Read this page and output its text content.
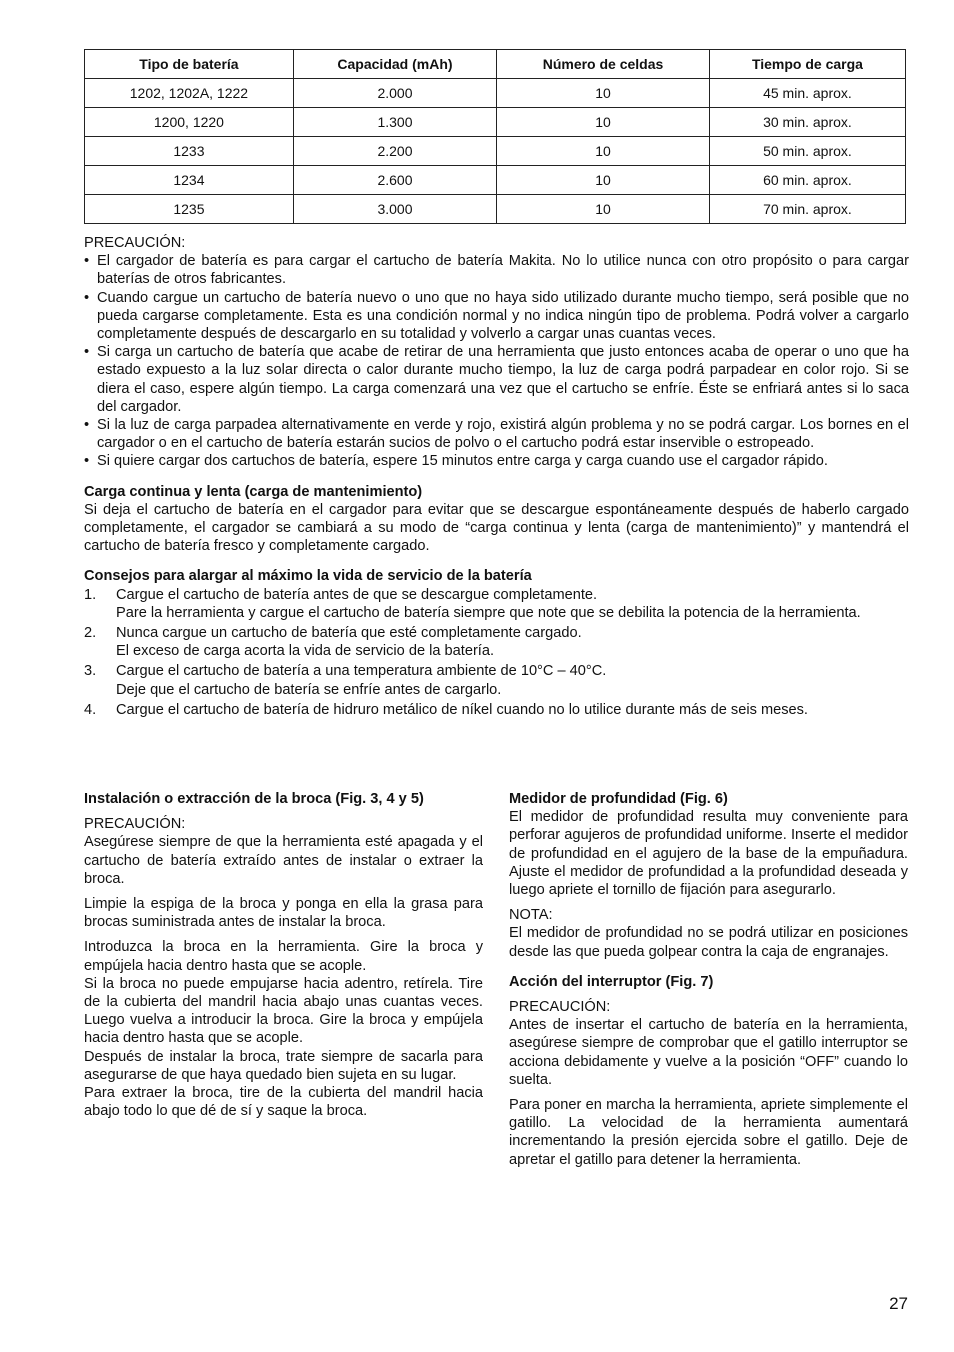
Tipo de batería	Capacidad (mAh)	Número de celdas	Tiempo de carga
1202, 1202A, 1222	2.000	10	45 min. aprox.
1200, 1220	1.300	10	30 min. aprox.
1233	2.200	10	50 min. aprox.
1234	2.600	10	60 min. aprox.
1235	3.000	10	70 min. aprox.
PRECAUCIÓN:
• El cargador de batería es para cargar el cartucho de batería Makita. No lo utilice nunca con otro propósito o para cargar baterías de otros fabricantes.
• Cuando cargue un cartucho de batería nuevo o uno que no haya sido utilizado durante mucho tiempo, será posible que no pueda cargarse completamente. Esta es una condición normal y no indica ningún tipo de problema. Podrá volver a cargarlo completamente después de descargarlo en su totalidad y volverlo a cargar unas cuantas veces.
• Si carga un cartucho de batería que acabe de retirar de una herramienta que justo entonces acaba de operar o uno que ha estado expuesto a la luz solar directa o calor durante mucho tiempo, la luz de carga podrá parpadear en color rojo. Si se diera el caso, espere algún tiempo. La carga comenzará una vez que el cartucho se enfríe. Éste se enfriará antes si lo saca del cargador.
• Si la luz de carga parpadea alternativamente en verde y rojo, existirá algún problema y no se podrá cargar. Los bornes en el cargador o en el cartucho de batería estarán sucios de polvo o el cartucho podrá estar inservible o estropeado.
• Si quiere cargar dos cartuchos de batería, espere 15 minutos entre carga y carga cuando use el cargador rápido.
Carga continua y lenta (carga de mantenimiento)

Si deja el cartucho de batería en el cargador para evitar que se descargue espontáneamente después de haberlo cargado completamente, el cargador se cambiará a su modo de “carga continua y lenta (carga de mantenimiento)” y mantendrá el cartucho de batería fresco y completamente cargado.

Consejos para alargar al máximo la vida de servicio de la batería
1. Cargue el cartucho de batería antes de que se descargue completamente.

Pare la herramienta y cargue el cartucho de batería siempre que note que se debilita la potencia de la herramienta.

2. Nunca cargue un cartucho de batería que esté completamente cargado.

El exceso de carga acorta la vida de servicio de la batería.

3. Cargue el cartucho de batería a una temperatura ambiente de 10°C – 40°C.

Deje que el cartucho de batería se enfríe antes de cargarlo.

4. Cargue el cartucho de batería de hidruro metálico de níkel cuando no lo utilice durante más de seis meses.
Instalación o extracción de la broca (Fig. 3, 4 y 5)
PRECAUCIÓN:

Asegúrese siempre de que la herramienta esté apagada y el cartucho de batería extraído antes de instalar o extraer la broca.

Limpie la espiga de la broca y ponga en ella la grasa para brocas suministrada antes de instalar la broca.

Introduzca la broca en la herramienta. Gire la broca y empújela hacia dentro hasta que se acople.

Si la broca no puede empujarse hacia adentro, retírela. Tire de la cubierta del mandril hacia abajo unas cuantas veces. Luego vuelva a introducir la broca. Gire la broca y empújela hacia dentro hasta que se acople.

Después de instalar la broca, trate siempre de sacarla para asegurarse de que haya quedado bien sujeta en su lugar.

Para extraer la broca, tire de la cubierta del mandril hacia abajo todo lo que dé de sí y saque la broca.

Medidor de profundidad (Fig. 6)

El medidor de profundidad resulta muy conveniente para perforar agujeros de profundidad uniforme. Inserte el medidor de profundidad en el agujero de la base de la empuñadura. Ajuste el medidor de profundidad a la profundidad deseada y luego apriete el tornillo de fijación para asegurarlo.

NOTA:

El medidor de profundidad no se podrá utilizar en posiciones desde las que pueda golpear contra la caja de engranajes.

Acción del interruptor (Fig. 7)
PRECAUCIÓN:

Antes de insertar el cartucho de batería en la herramienta, asegúrese siempre de comprobar que el gatillo interruptor se acciona debidamente y vuelve a la posición “OFF” cuando lo suelta.

Para poner en marcha la herramienta, apriete simplemente el gatillo. La velocidad de la herramienta aumentará incrementando la presión ejercida sobre el gatillo. Deje de apretar el gatillo para detener la herramienta.

27
